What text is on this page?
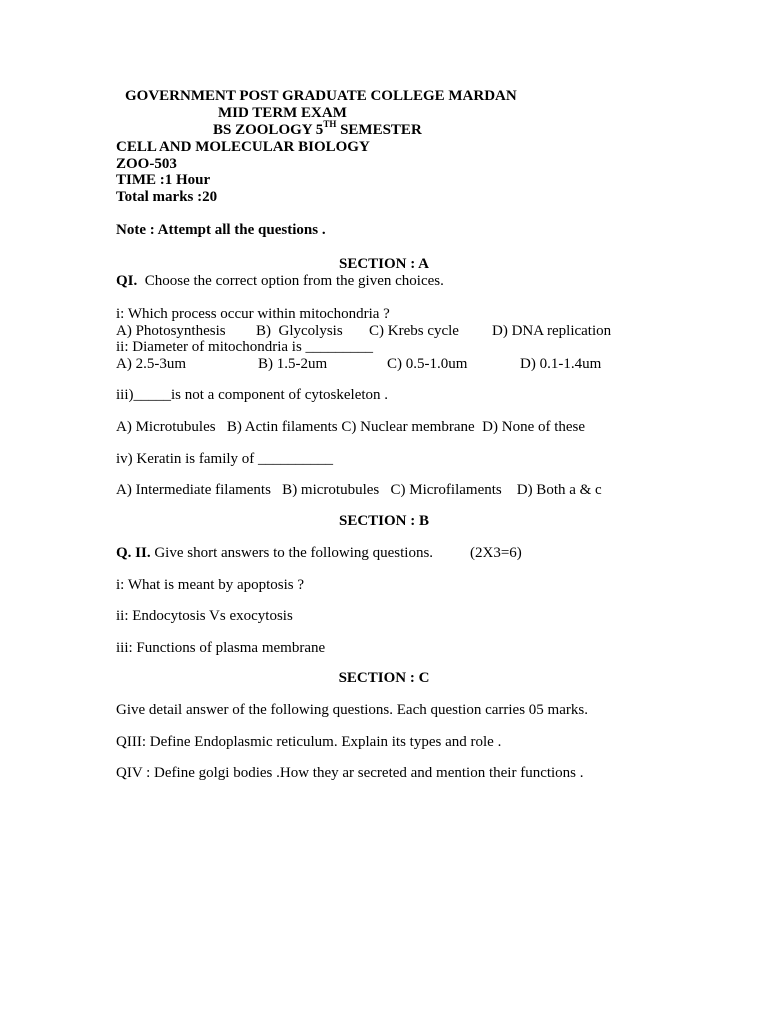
GOVERNMENT POST GRADUATE COLLEGE MARDAN
MID TERM EXAM
BS ZOOLOGY 5TH SEMESTER
CELL AND MOLECULAR BIOLOGY
ZOO-503
TIME :1 Hour
Total marks :20
Note : Attempt all the questions .
SECTION : A
QI.  Choose the correct option from the given choices.
i: Which process occur within mitochondria ?
A) Photosynthesis B)  Glycolysis C) Krebs cycle D) DNA replication
ii: Diameter of mitochondria is _________
A) 2.5-3um	B) 1.5-2um	C) 0.5-1.0um	D) 0.1-1.4um
iii)_____is not a component of cytoskeleton .
A) Microtubules   B) Actin filaments C) Nuclear membrane  D) None of these
iv) Keratin is family of __________
A) Intermediate filaments   B) microtubules   C) Microfilaments    D) Both a & c
SECTION : B
Q. II. Give short answers to the following questions. (2X3=6)
i: What is meant by apoptosis ?
ii: Endocytosis Vs exocytosis
iii: Functions of plasma membrane
SECTION : C
Give detail answer of the following questions. Each question carries 05 marks.
QIII: Define Endoplasmic reticulum. Explain its types and role .
QIV : Define golgi bodies .How they ar secreted and mention their functions .
